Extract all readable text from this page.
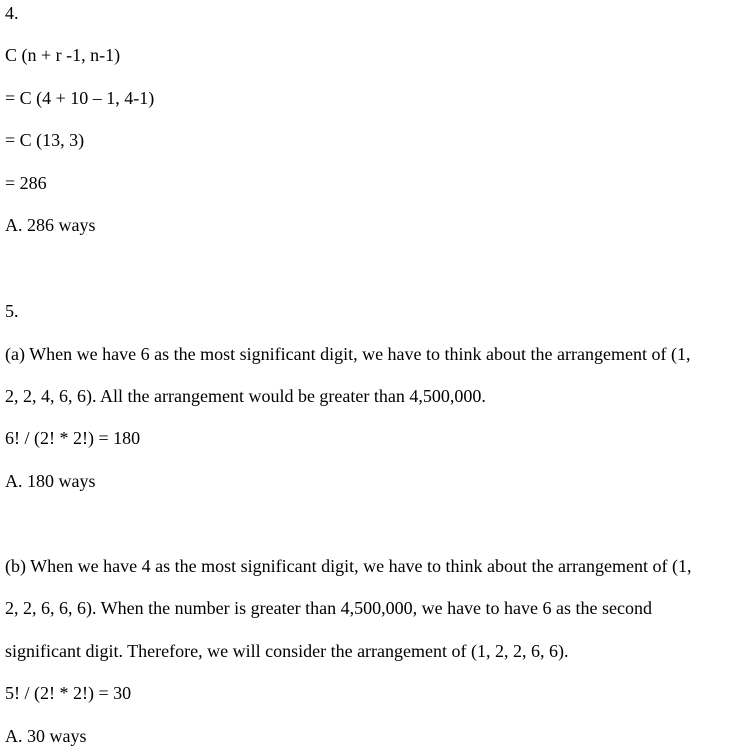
4.
C (n + r -1, n-1)
= C (4 + 10 – 1, 4-1)
= C (13, 3)
= 286
A. 286 ways
5.
(a) When we have 6 as the most significant digit, we have to think about the arrangement of (1,
2, 2, 4, 6, 6). All the arrangement would be greater than 4,500,000.
6! / (2! * 2!) = 180
A. 180 ways
(b) When we have 4 as the most significant digit, we have to think about the arrangement of (1,
2, 2, 6, 6, 6). When the number is greater than 4,500,000, we have to have 6 as the second
significant digit. Therefore, we will consider the arrangement of (1, 2, 2, 6, 6).
5! / (2! * 2!) = 30
A. 30 ways
